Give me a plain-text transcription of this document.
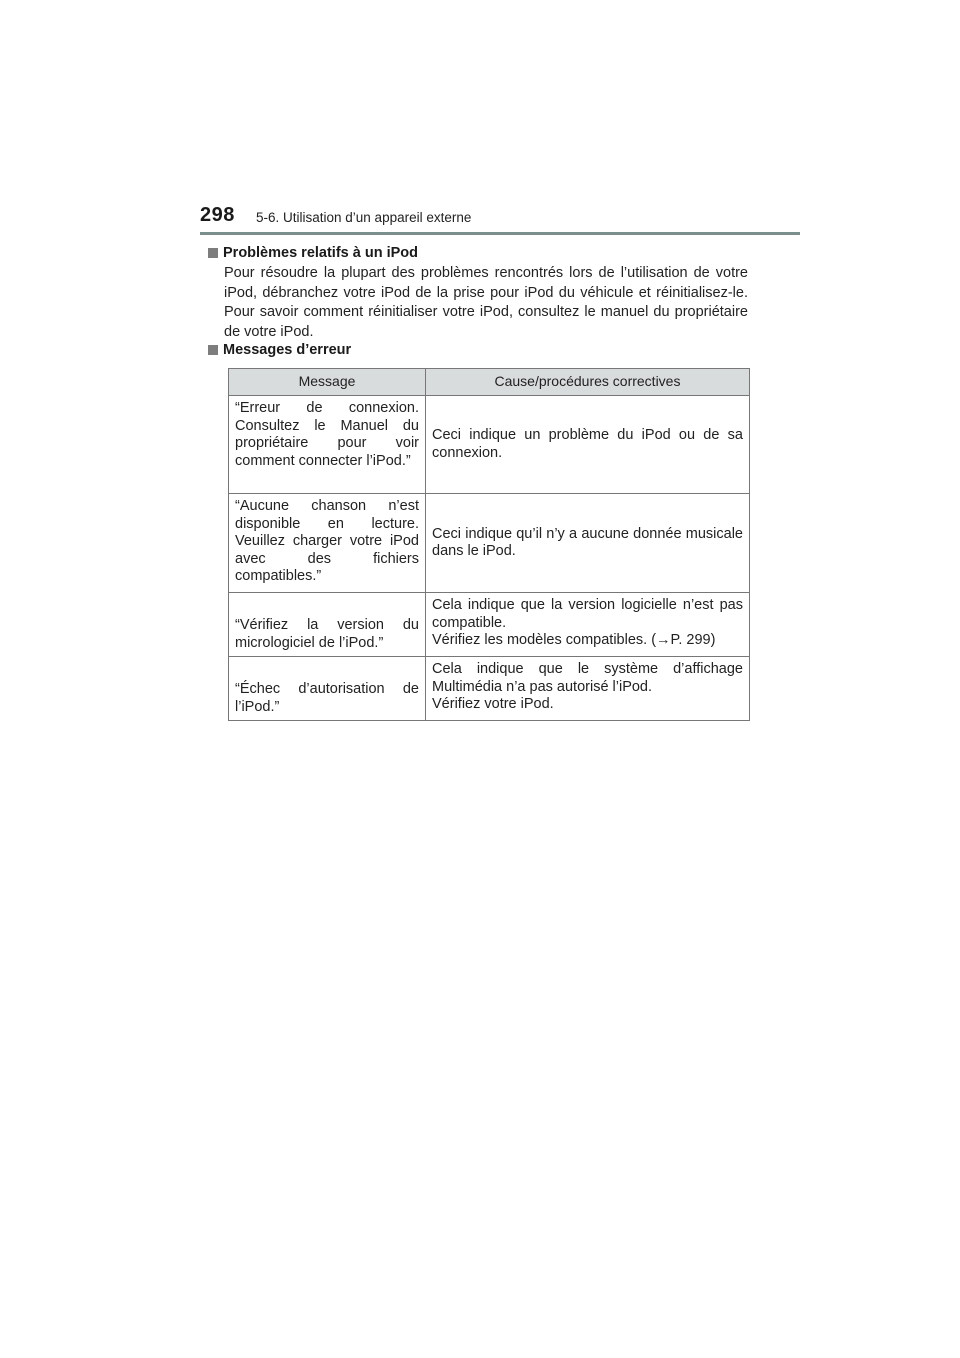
298 5-6. Utilisation d’un appareil externe
Problèmes relatifs à un iPod

Pour résoudre la plupart des problèmes rencontrés lors de l’utilisation de votre iPod, débranchez votre iPod de la prise pour iPod du véhicule et réinitialisez-le. Pour savoir comment réinitialiser votre iPod, consultez le manuel du propriétaire de votre iPod.

Messages d’erreur
Message	Cause/procédures correctives
“Erreur de connexion. Consultez le Manuel du propriétaire pour voir comment connecter l’iPod.”	Ceci indique un problème du iPod ou de sa connexion.
“Aucune chanson n’est disponible en lecture. Veuillez charger votre iPod avec des fichiers compatibles.”	Ceci indique qu’il n’y a aucune donnée musicale dans le iPod.
“Vérifiez la version du micrologiciel de l’iPod.”	Cela indique que la version logicielle n’est pas compatible.
Vérifiez les modèles compatibles. (→P. 299)

“Échec d’autorisation de l’iPod.”	Cela indique que le système d’affichage Multimédia n’a pas autorisé l’iPod.
Vérifiez votre iPod.
